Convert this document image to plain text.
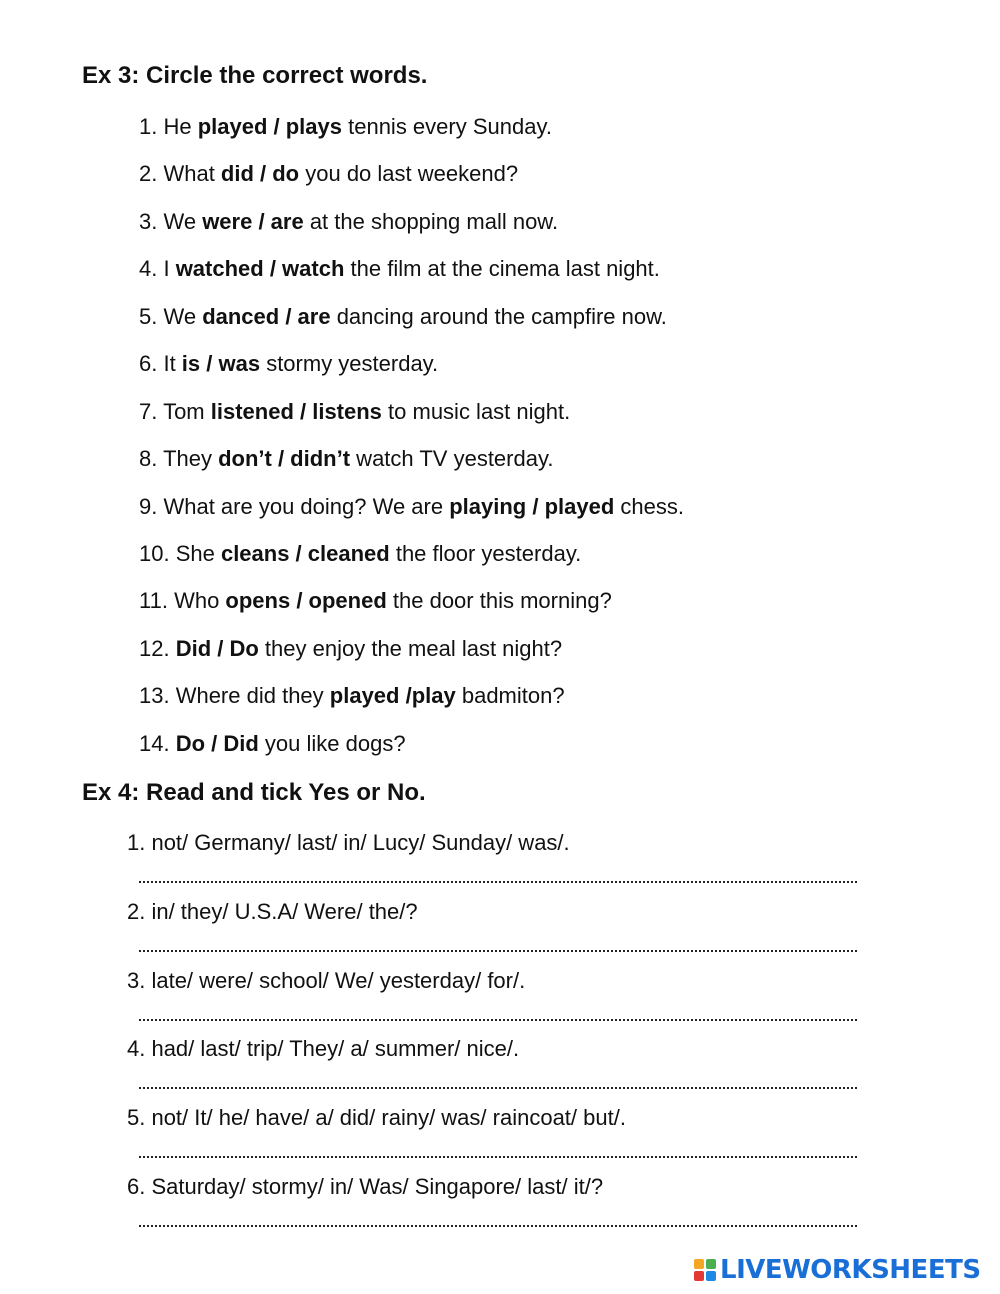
Ex 3: Circle the correct words.
1. He played / plays tennis every Sunday.
2. What did / do you do last weekend?
3. We were / are at the shopping mall now.
4. I watched / watch the film at the cinema last night.
5. We danced / are dancing around the campfire now.
6. It is / was stormy yesterday.
7. Tom listened / listens to music last night.
8. They don’t / didn’t watch TV yesterday.
9. What are you doing? We are playing / played chess.
10. She cleans / cleaned the floor yesterday.
11. Who opens / opened the door this morning?
12. Did / Do they enjoy the meal last night?
13. Where did they played /play badmiton?
14. Do / Did you like dogs?
Ex 4: Read and tick Yes or No.
1. not/ Germany/ last/ in/ Lucy/ Sunday/ was/.
2. in/ they/ U.S.A/ Were/ the/?
3. late/ were/ school/ We/ yesterday/ for/.
4. had/ last/ trip/ They/ a/ summer/ nice/.
5. not/ It/ he/ have/ a/ did/ rainy/ was/ raincoat/ but/.
6. Saturday/ stormy/ in/ Was/ Singapore/ last/ it/?
LIVEWORKSHEETS
